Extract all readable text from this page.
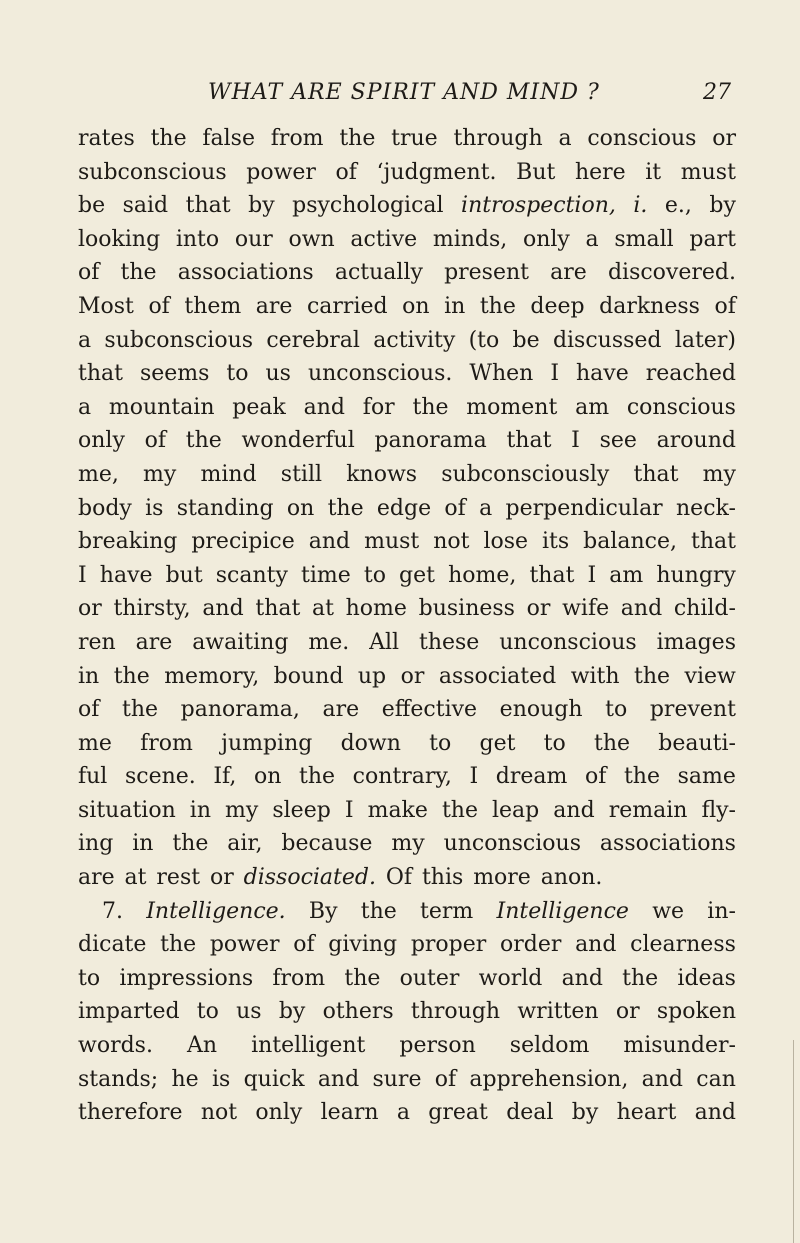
WHAT ARE SPIRIT AND MIND ?	27
rates the false from the true through a conscious or
subconscious power of ‘judgment. But here it must
be said that by psychological introspection, i. e., by
looking into our own active minds, only a small part
of the associations actually present are discovered.
Most of them are carried on in the deep darkness of
a subconscious cerebral activity (to be discussed later)
that seems to us unconscious. When I have reached
a mountain peak and for the moment am conscious
only of the wonderful panorama that I see around
me, my mind still knows subconsciously that my
body is standing on the edge of a perpendicular neck-
breaking precipice and must not lose its balance, that
I have but scanty time to get home, that I am hungry
or thirsty, and that at home business or wife and child-
ren are awaiting me. All these unconscious images
in the memory, bound up or associated with the view
of the panorama, are effective enough to prevent
me from jumping down to get to the beauti-
ful scene. If, on the contrary, I dream of the same
situation in my sleep I make the leap and remain fly-
ing in the air, because my unconscious associations
are at rest or dissociated. Of this more anon.
7. Intelligence. By the term Intelligence we in-
dicate the power of giving proper order and clearness
to impressions from the outer world and the ideas
imparted to us by others through written or spoken
words. An intelligent person seldom misunder-
stands; he is quick and sure of apprehension, and can
therefore not only learn a great deal by heart and
